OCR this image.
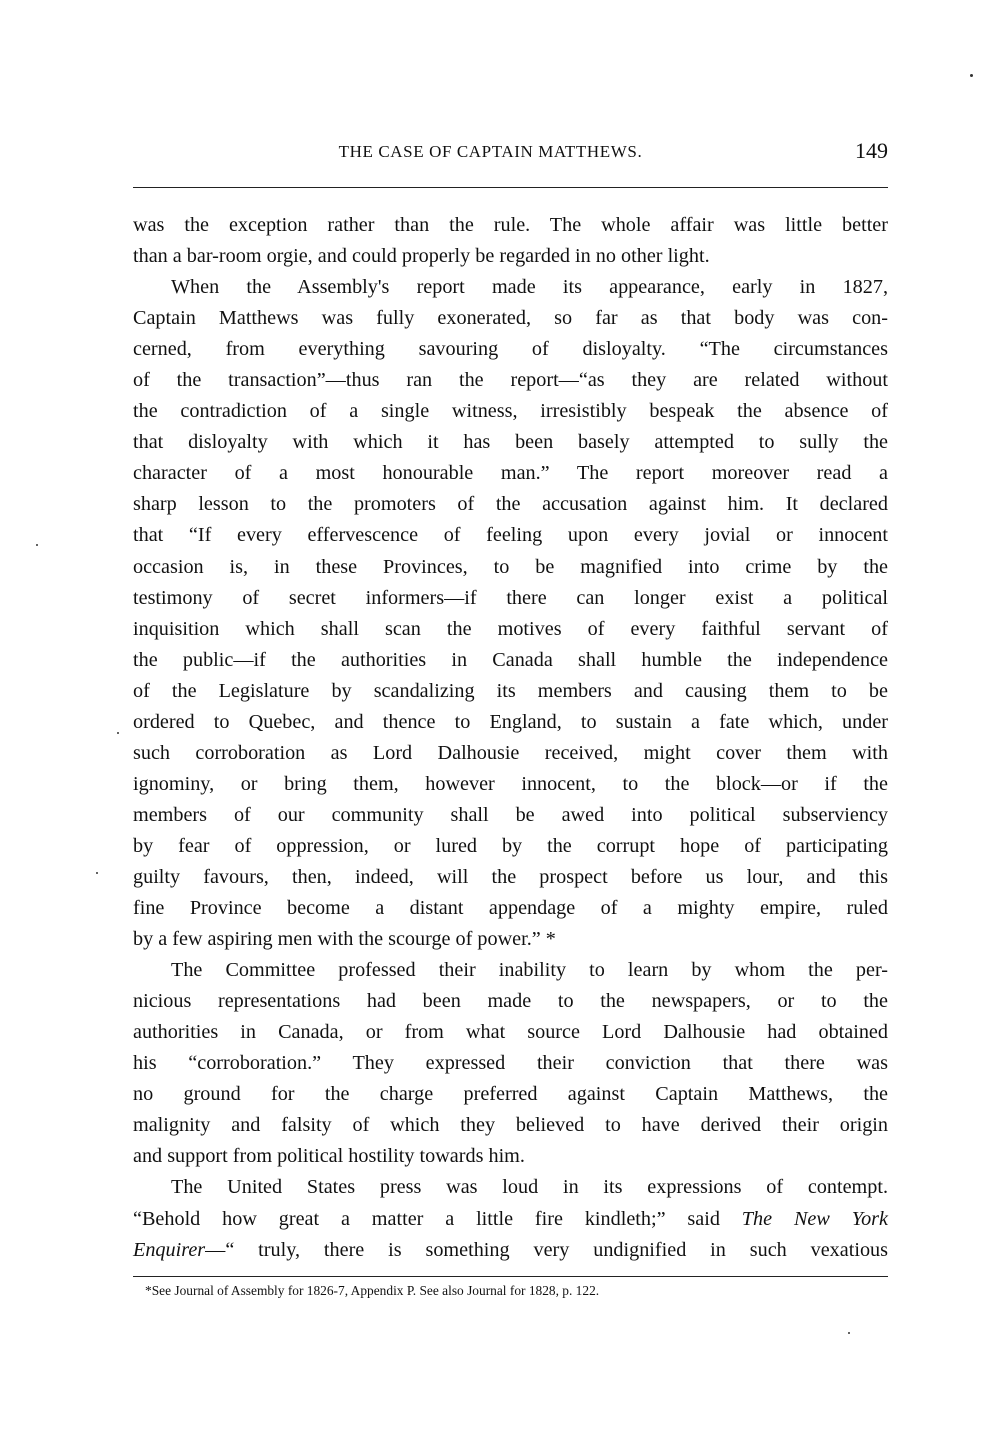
THE CASE OF CAPTAIN MATTHEWS.	149
was the exception rather than the rule. The whole affair was little better
than a bar-room orgie, and could properly be regarded in no other light.
When the Assembly's report made its appearance, early in 1827,
Captain Matthews was fully exonerated, so far as that body was con-
cerned, from everything savouring of disloyalty. “The circumstances
of the transaction”—thus ran the report—“as they are related without
the contradiction of a single witness, irresistibly bespeak the absence of
that disloyalty with which it has been basely attempted to sully the
character of a most honourable man.” The report moreover read a
sharp lesson to the promoters of the accusation against him. It declared
that “If every effervescence of feeling upon every jovial or innocent
occasion is, in these Provinces, to be magnified into crime by the
testimony of secret informers—if there can longer exist a political
inquisition which shall scan the motives of every faithful servant of
the public—if the authorities in Canada shall humble the independence
of the Legislature by scandalizing its members and causing them to be
ordered to Quebec, and thence to England, to sustain a fate which, under
such corroboration as Lord Dalhousie received, might cover them with
ignominy, or bring them, however innocent, to the block—or if the
members of our community shall be awed into political subserviency
by fear of oppression, or lured by the corrupt hope of participating
guilty favours, then, indeed, will the prospect before us lour, and this
fine Province become a distant appendage of a mighty empire, ruled
by a few aspiring men with the scourge of power.” *
The Committee professed their inability to learn by whom the per-
nicious representations had been made to the newspapers, or to the
authorities in Canada, or from what source Lord Dalhousie had obtained
his “corroboration.” They expressed their conviction that there was
no ground for the charge preferred against Captain Matthews, the
malignity and falsity of which they believed to have derived their origin
and support from political hostility towards him.
The United States press was loud in its expressions of contempt.
“Behold how great a matter a little fire kindleth;” said The New York
Enquirer—“ truly, there is something very undignified in such vexatious
*See Journal of Assembly for 1826-7, Appendix P. See also Journal for 1828, p. 122.
